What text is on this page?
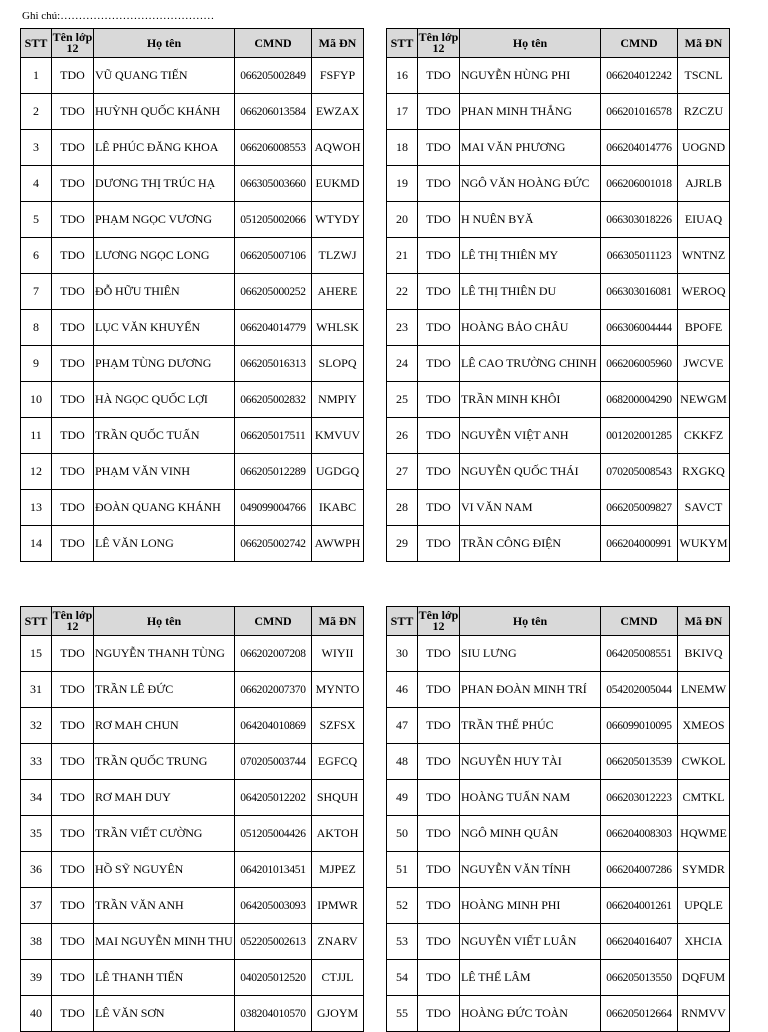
Ghi chú:……………………………………
STT	Tên lớp 12	Họ tên	CMND	Mã ĐN
1	TDO	VŨ QUANG TIẾN	066205002849	FSFYP
2	TDO	HUỲNH QUỐC KHÁNH	066206013584	EWZAX
3	TDO	LÊ PHÚC ĐĂNG KHOA	066206008553	AQWOH
4	TDO	DƯƠNG THỊ TRÚC HẠ	066305003660	EUKMD
5	TDO	PHẠM NGỌC VƯƠNG	051205002066	WTYDY
6	TDO	LƯƠNG NGỌC LONG	066205007106	TLZWJ
7	TDO	ĐỖ HỮU THIÊN	066205000252	AHERE
8	TDO	LỤC VĂN KHUYẾN	066204014779	WHLSK
9	TDO	PHẠM TÙNG DƯƠNG	066205016313	SLOPQ
10	TDO	HÀ NGỌC QUỐC LỢI	066205002832	NMPIY
11	TDO	TRẦN QUỐC TUẤN	066205017511	KMVUV
12	TDO	PHẠM VĂN VINH	066205012289	UGDGQ
13	TDO	ĐOÀN QUANG KHÁNH	049099004766	IKABC
14	TDO	LÊ VĂN LONG	066205002742	AWWPH
STT	Tên lớp 12	Họ tên	CMND	Mã ĐN
16	TDO	NGUYỄN HÙNG PHI	066204012242	TSCNL
17	TDO	PHAN MINH THẮNG	066201016578	RZCZU
18	TDO	MAI VĂN PHƯƠNG	066204014776	UOGND
19	TDO	NGÔ VĂN HOÀNG ĐỨC	066206001018	AJRLB
20	TDO	H NUÊN BYĂ	066303018226	EIUAQ
21	TDO	LÊ THỊ THIÊN MY	066305011123	WNTNZ
22	TDO	LÊ THỊ THIÊN DU	066303016081	WEROQ
23	TDO	HOÀNG BẢO CHÂU	066306004444	BPOFE
24	TDO	LÊ CAO TRƯỜNG CHINH	066206005960	JWCVE
25	TDO	TRẦN MINH KHÔI	068200004290	NEWGM
26	TDO	NGUYỄN VIỆT ANH	001202001285	CKKFZ
27	TDO	NGUYỄN QUỐC THÁI	070205008543	RXGKQ
28	TDO	VI VĂN NAM	066205009827	SAVCT
29	TDO	TRẦN CÔNG ĐIỆN	066204000991	WUKYM
STT	Tên lớp 12	Họ tên	CMND	Mã ĐN
15	TDO	NGUYỄN THANH TÙNG	066202007208	WIYII
31	TDO	TRẦN LÊ ĐỨC	066202007370	MYNTO
32	TDO	RƠ MAH CHUN	064204010869	SZFSX
33	TDO	TRẦN QUỐC TRUNG	070205003744	EGFCQ
34	TDO	RƠ MAH DUY	064205012202	SHQUH
35	TDO	TRẦN VIẾT CƯỜNG	051205004426	AKTOH
36	TDO	HỒ SỸ NGUYÊN	064201013451	MJPEZ
37	TDO	TRẦN VĂN ANH	064205003093	IPMWR
38	TDO	MAI NGUYỄN MINH THU	052205002613	ZNARV
39	TDO	LÊ THANH TIẾN	040205012520	CTJJL
40	TDO	LÊ VĂN SƠN	038204010570	GJOYM
STT	Tên lớp 12	Họ tên	CMND	Mã ĐN
30	TDO	SIU LƯNG	064205008551	BKIVQ
46	TDO	PHAN ĐOÀN MINH TRÍ	054202005044	LNEMW
47	TDO	TRẦN THẾ PHÚC	066099010095	XMEOS
48	TDO	NGUYỄN HUY TÀI	066205013539	CWKOL
49	TDO	HOÀNG TUẤN NAM	066203012223	CMTKL
50	TDO	NGÔ MINH QUÂN	066204008303	HQWME
51	TDO	NGUYỄN VĂN TÍNH	066204007286	SYMDR
52	TDO	HOÀNG MINH PHI	066204001261	UPQLE
53	TDO	NGUYỄN VIẾT LUÂN	066204016407	XHCIA
54	TDO	LÊ THẾ LÂM	066205013550	DQFUM
55	TDO	HOÀNG ĐỨC TOÀN	066205012664	RNMVV
